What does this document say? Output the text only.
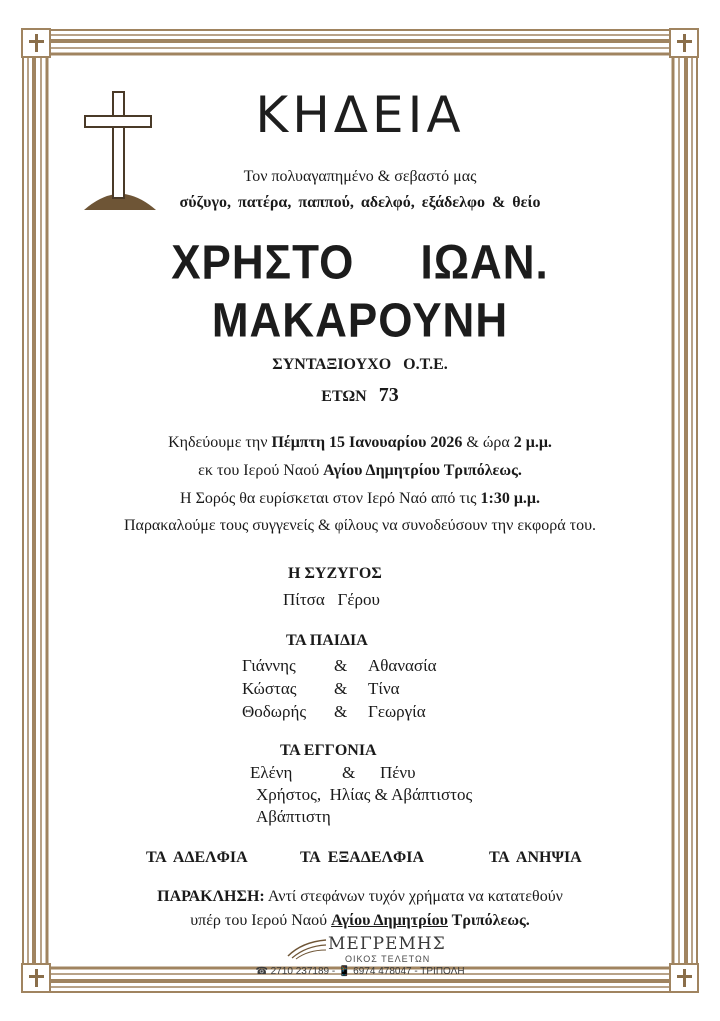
ΚΗΔΕΙΑ
Τον πολυαγαπημένο & σεβαστό μας
σύζυγο, πατέρα, παππού, αδελφό, εξάδελφο & θείο
ΧΡΗΣΤΟ     ΙΩΑΝ.
ΜΑΚΑΡΟΥΝΗ
ΣΥΝΤΑΞΙΟΥΧΟ   Ο.Τ.Ε.
ΕΤΩΝ 73
Κηδεύουμε την Πέμπτη 15 Ιανουαρίου 2026 & ώρα 2 μ.μ.
εκ του Ιερού Ναού Αγίου Δημητρίου Τριπόλεως.
Η Σορός θα ευρίσκεται στον Ιερό Ναό από τις 1:30 μ.μ.
Παρακαλούμε τους συγγενείς & φίλους να συνοδεύσουν την εκφορά του.
Η ΣΥΖΥΓΟΣ
Πίτσα   Γέρου
ΤΑ ΠΑΙΔΙΑ
Γιάννης & Αθανασία
Κώστας & Τίνα
Θοδωρής & Γεωργία
ΤΑ ΕΓΓΟΝΙΑ
Ελένη	& Πένυ
Χρήστος,  Ηλίας & Αβάπτιστος
Αβάπτιστη
ΤΑ  ΑΔΕΛΦΙΑ	ΤΑ  ΕΞΑΔΕΛΦΙΑ	ΤΑ  ΑΝΗΨΙΑ
ΠΑΡΑΚΛΗΣΗ: Αντί στεφάνων τυχόν χρήματα να κατατεθούν
υπέρ του Ιερού Ναού Αγίου Δημητρίου Τριπόλεως.
ΜΕΓΡΕΜΗΣ
ΟΙΚΟΣ ΤΕΛΕΤΩΝ
☎ 2710 237189 - 📱 6974 478047 - ΤΡΙΠΟΛΗ
